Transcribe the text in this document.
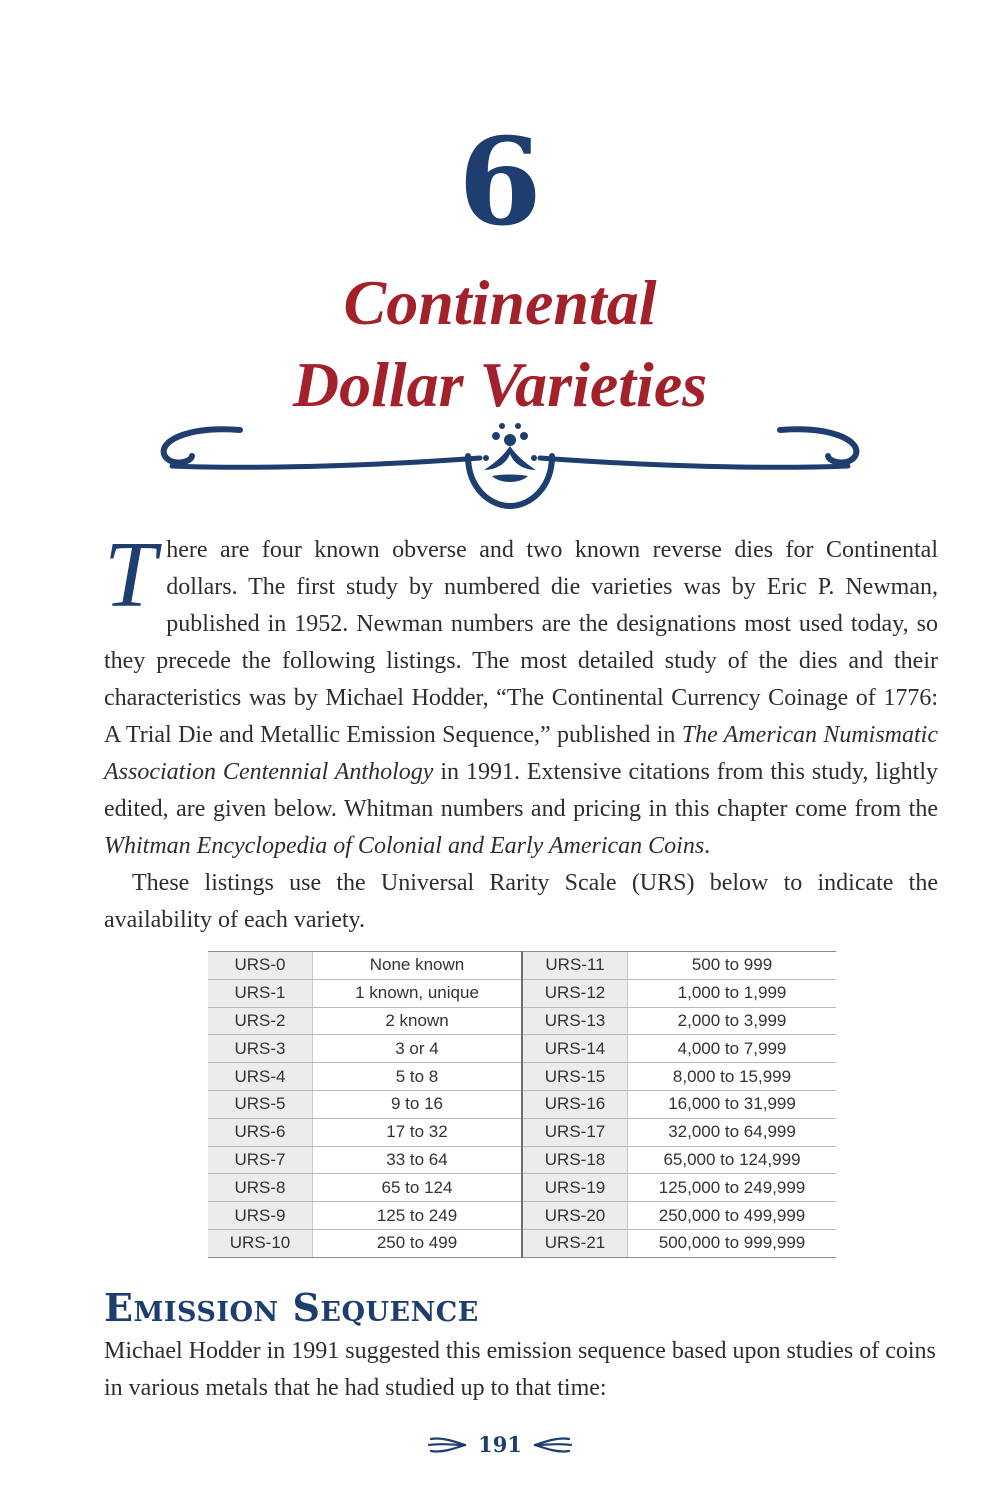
6
Continental
Dollar Varieties

There are four known obverse and two known reverse dies for Continental dollars. The first study by numbered die varieties was by Eric P. Newman, published in 1952. Newman numbers are the designations most used today, so they precede the following listings. The most detailed study of the dies and their characteristics was by Michael Hodder, “The Continental Currency Coinage of 1776: A Trial Die and Metallic Emission Sequence,” published in The American Numismatic Association Centennial Anthology in 1991. Extensive citations from this study, lightly edited, are given below. Whitman numbers and pricing in this chapter come from the Whitman Encyclopedia of Colonial and Early American Coins.

These listings use the Universal Rarity Scale (URS) below to indicate the availability of each variety.

URS-0	None known	URS-11	500 to 999
URS-1	1 known, unique	URS-12	1,000 to 1,999
URS-2	2 known	URS-13	2,000 to 3,999
URS-3	3 or 4	URS-14	4,000 to 7,999
URS-4	5 to 8	URS-15	8,000 to 15,999
URS-5	9 to 16	URS-16	16,000 to 31,999
URS-6	17 to 32	URS-17	32,000 to 64,999
URS-7	33 to 64	URS-18	65,000 to 124,999
URS-8	65 to 124	URS-19	125,000 to 249,999
URS-9	125 to 249	URS-20	250,000 to 499,999
URS-10	250 to 499	URS-21	500,000 to 999,999
Emission Sequence

Michael Hodder in 1991 suggested this emission sequence based upon studies of coins in various metals that he had studied up to that time:

191
